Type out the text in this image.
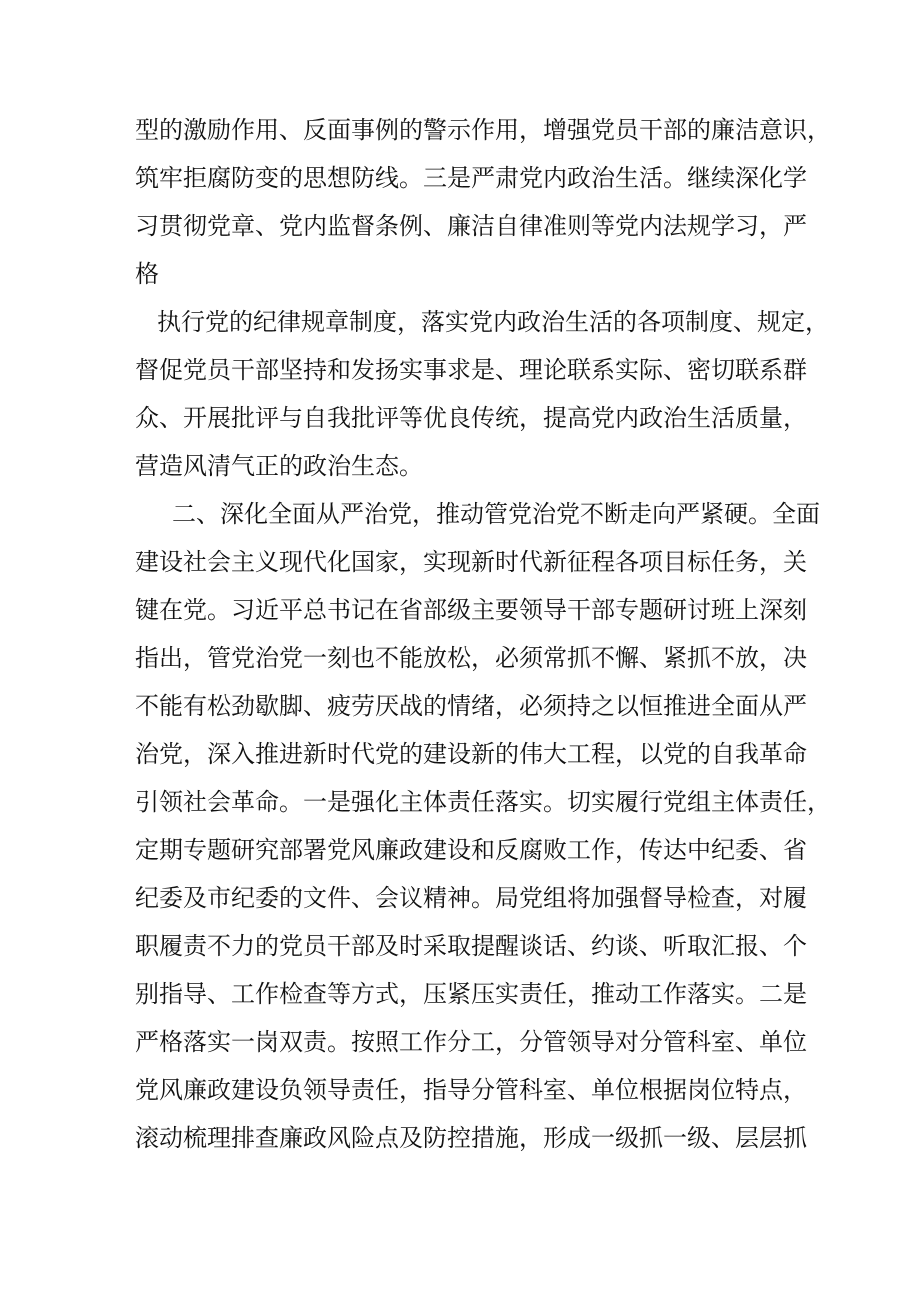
型的激励作用、反面事例的警示作用，增强党员干部的廉洁意识，
筑牢拒腐防变的思想防线。三是严肃党内政治生活。继续深化学
习贯彻党章、党内监督条例、廉洁自律准则等党内法规学习，严
格
执行党的纪律规章制度，落实党内政治生活的各项制度、规定，
督促党员干部坚持和发扬实事求是、理论联系实际、密切联系群
众、开展批评与自我批评等优良传统，提高党内政治生活质量，
营造风清气正的政治生态。
二、深化全面从严治党，推动管党治党不断走向严紧硬。全面
建设社会主义现代化国家，实现新时代新征程各项目标任务，关
键在党。习近平总书记在省部级主要领导干部专题研讨班上深刻
指出，管党治党一刻也不能放松，必须常抓不懈、紧抓不放，决
不能有松劲歇脚、疲劳厌战的情绪，必须持之以恒推进全面从严
治党，深入推进新时代党的建设新的伟大工程，以党的自我革命
引领社会革命。一是强化主体责任落实。切实履行党组主体责任，
定期专题研究部署党风廉政建设和反腐败工作，传达中纪委、省
纪委及市纪委的文件、会议精神。局党组将加强督导检查，对履
职履责不力的党员干部及时采取提醒谈话、约谈、听取汇报、个
别指导、工作检查等方式，压紧压实责任，推动工作落实。二是
严格落实一岗双责。按照工作分工，分管领导对分管科室、单位
党风廉政建设负领导责任，指导分管科室、单位根据岗位特点，
滚动梳理排查廉政风险点及防控措施，形成一级抓一级、层层抓
